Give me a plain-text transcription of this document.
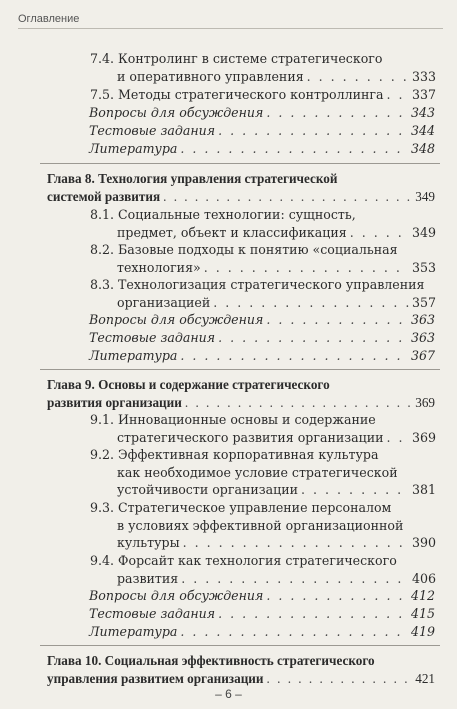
Оглавление
7.4. Контролинг в системе стратегического
и оперативного управления . . .	333
7.5. Методы стратегического контроллинга . . . 337
Вопросы для обсуждения . . .	343
Тестовые задания . . .	344
Литература . . .	348
Глава 8. Технология управления стратегической
системой развития . . .	349
8.1. Социальные технологии: сущность,
предмет, объект и классификация . . .	349
8.2. Базовые подходы к понятию «социальная
технология» . . .	353
8.3. Технологизация стратегического управления
организацией . . .	357
Вопросы для обсуждения . . .	363
Тестовые задания . . .	363
Литература . . .	367
Глава 9. Основы и содержание стратегического
развития организации . . .	369
9.1. Инновационные основы и содержание
стратегического развития организации . . . 369
9.2. Эффективная корпоративная культура
как необходимое условие стратегической
устойчивости организации . . .	381
9.3. Стратегическое управление персоналом
в условиях эффективной организационной
культуры . . .	390
9.4. Форсайт как технология стратегического
развития . . .	406
Вопросы для обсуждения . . .	412
Тестовые задания . . .	415
Литература . . .	419
Глава 10. Социальная эффективность стратегического
управления развитием организации . . .	421
– 6 –
